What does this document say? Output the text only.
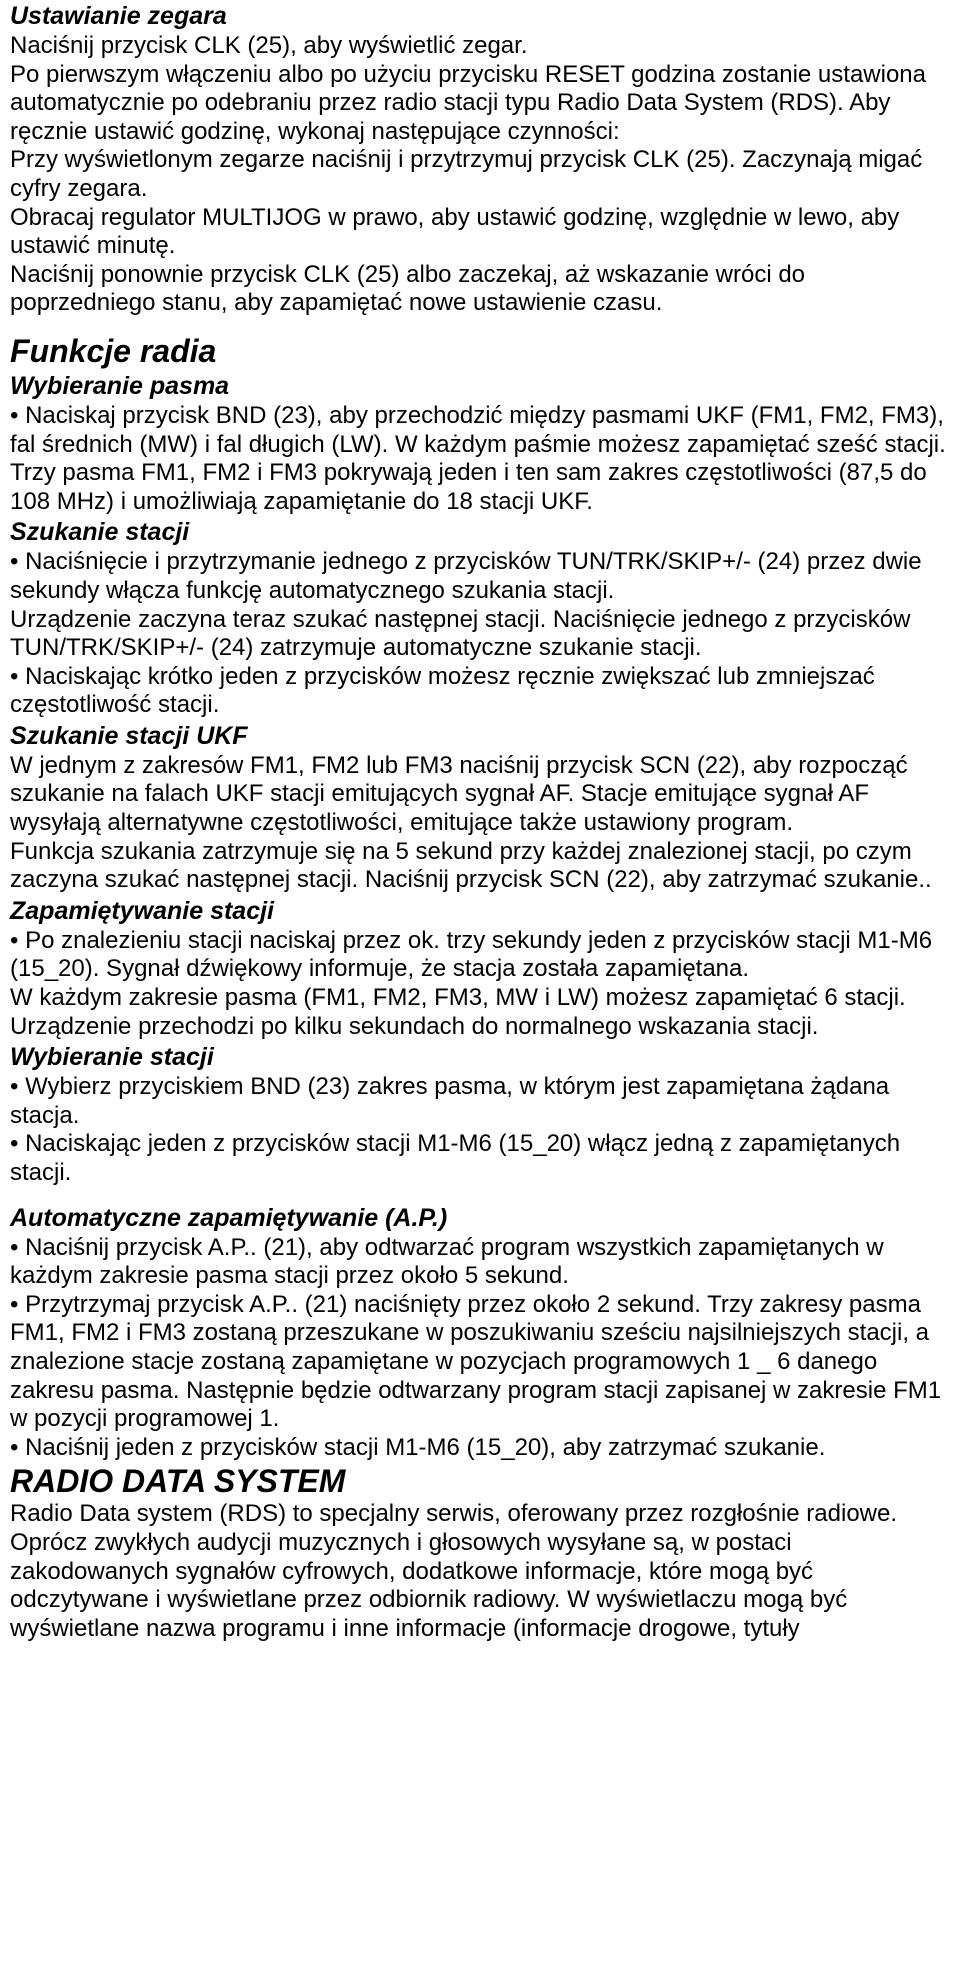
Ustawianie zegara

Naciśnij przycisk CLK (25), aby wyświetlić zegar.

Po pierwszym włączeniu albo po użyciu przycisku RESET godzina zostanie ustawiona automatycznie po odebraniu przez radio stacji typu Radio Data System (RDS). Aby ręcznie ustawić godzinę, wykonaj następujące czynności:

Przy wyświetlonym zegarze naciśnij i przytrzymuj przycisk CLK (25). Zaczynają migać cyfry zegara.

Obracaj regulator MULTIJOG w prawo, aby ustawić godzinę, względnie w lewo, aby ustawić minutę.

Naciśnij ponownie przycisk CLK (25) albo zaczekaj, aż wskazanie wróci do poprzedniego stanu, aby zapamiętać nowe ustawienie czasu.

Funkcje radia
Wybieranie pasma

• Naciskaj przycisk BND (23), aby przechodzić między pasmami UKF (FM1, FM2, FM3), fal średnich (MW) i fal długich (LW). W każdym paśmie możesz zapamiętać sześć stacji.

Trzy pasma FM1, FM2 i FM3 pokrywają jeden i ten sam zakres częstotliwości (87,5 do 108 MHz) i umożliwiają zapamiętanie do 18 stacji UKF.

Szukanie stacji

• Naciśnięcie i przytrzymanie jednego z przycisków TUN/TRK/SKIP+/- (24) przez dwie sekundy włącza funkcję automatycznego szukania stacji.

Urządzenie zaczyna teraz szukać następnej stacji. Naciśnięcie jednego z przycisków TUN/TRK/SKIP+/- (24) zatrzymuje automatyczne szukanie stacji.

• Naciskając krótko jeden z przycisków możesz ręcznie zwiększać lub zmniejszać częstotliwość stacji.

Szukanie stacji UKF

W jednym z zakresów FM1, FM2 lub FM3 naciśnij przycisk SCN (22), aby rozpocząć szukanie na falach UKF stacji emitujących sygnał AF. Stacje emitujące sygnał AF wysyłają alternatywne częstotliwości, emitujące także ustawiony program.

Funkcja szukania zatrzymuje się na 5 sekund przy każdej znalezionej stacji, po czym zaczyna szukać następnej stacji. Naciśnij przycisk SCN (22), aby zatrzymać szukanie..

Zapamiętywanie stacji

• Po znalezieniu stacji naciskaj przez ok. trzy sekundy jeden z przycisków stacji M1-M6 (15_20). Sygnał dźwiękowy informuje, że stacja została zapamiętana.

W każdym zakresie pasma (FM1, FM2, FM3, MW i LW) możesz zapamiętać 6 stacji.

Urządzenie przechodzi po kilku sekundach do normalnego wskazania stacji.

Wybieranie stacji

• Wybierz przyciskiem BND (23) zakres pasma, w którym jest zapamiętana żądana stacja.

• Naciskając jeden z przycisków stacji M1-M6 (15_20) włącz jedną z zapamiętanych stacji.

Automatyczne zapamiętywanie (A.P.)

• Naciśnij przycisk A.P.. (21), aby odtwarzać program wszystkich zapamiętanych w każdym zakresie pasma stacji przez około 5 sekund.

• Przytrzymaj przycisk A.P.. (21) naciśnięty przez około 2 sekund. Trzy zakresy pasma FM1, FM2 i FM3 zostaną przeszukane w poszukiwaniu sześciu najsilniejszych stacji, a znalezione stacje zostaną zapamiętane w pozycjach programowych 1 _ 6 danego zakresu pasma. Następnie będzie odtwarzany program stacji zapisanej w zakresie FM1 w pozycji programowej 1.

• Naciśnij jeden z przycisków stacji M1-M6 (15_20), aby zatrzymać szukanie.

RADIO DATA SYSTEM

Radio Data system (RDS) to specjalny serwis, oferowany przez rozgłośnie radiowe. Oprócz zwykłych audycji muzycznych i głosowych wysyłane są, w postaci zakodowanych sygnałów cyfrowych, dodatkowe informacje, które mogą być odczytywane i wyświetlane przez odbiornik radiowy. W wyświetlaczu mogą być wyświetlane nazwa programu i inne informacje (informacje drogowe, tytuły
